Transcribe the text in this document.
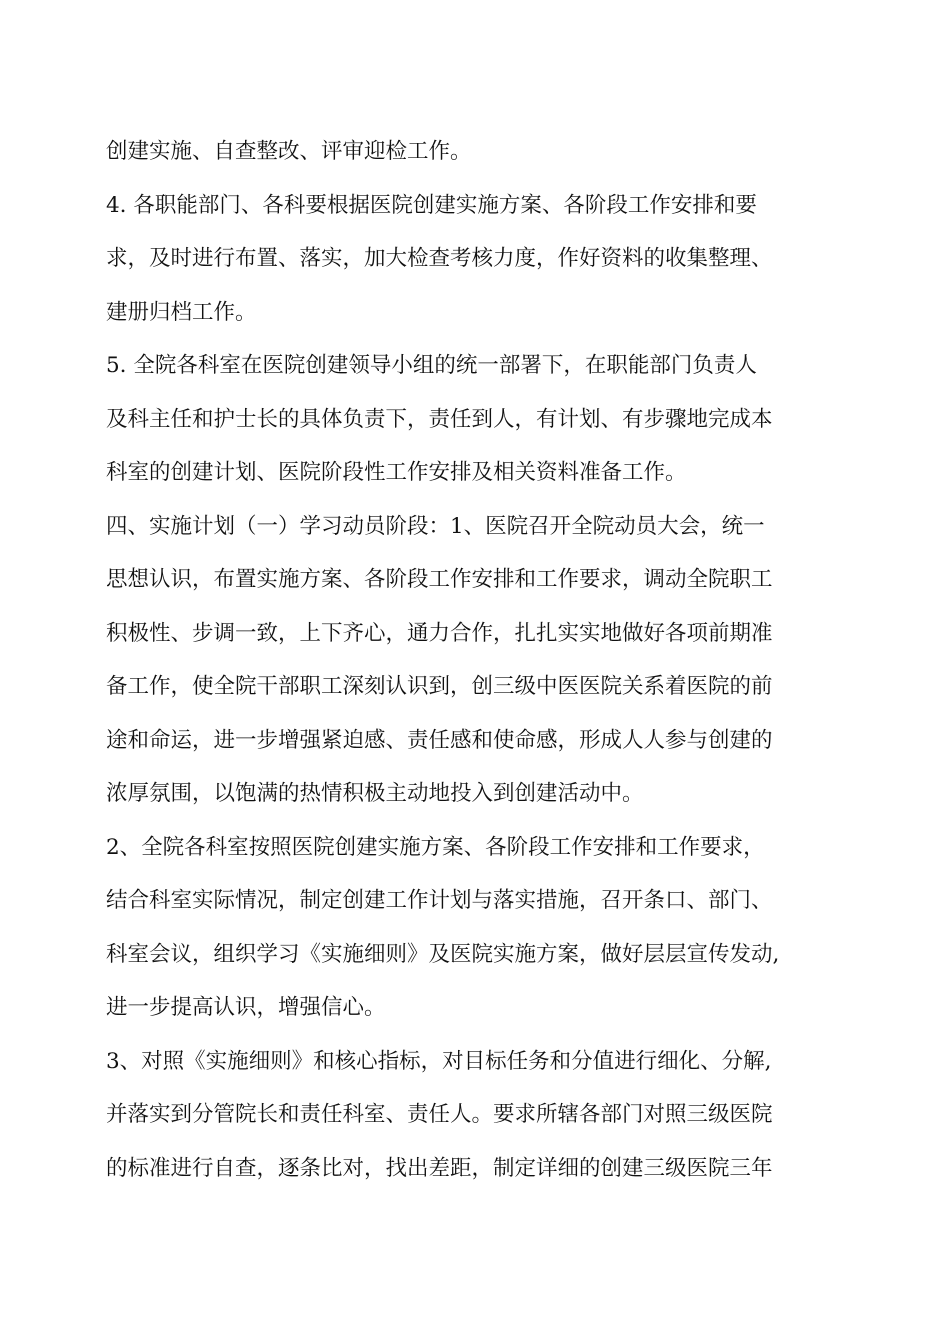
创建实施、自查整改、评审迎检工作。

4. 各职能部门、各科要根据医院创建实施方案、各阶段工作安排和要

求，及时进行布置、落实，加大检查考核力度，作好资料的收集整理、

建册归档工作。

5. 全院各科室在医院创建领导小组的统一部署下，在职能部门负责人

及科主任和护士长的具体负责下，责任到人，有计划、有步骤地完成本

科室的创建计划、医院阶段性工作安排及相关资料准备工作。

四、实施计划（一）学习动员阶段：1、医院召开全院动员大会，统一

思想认识，布置实施方案、各阶段工作安排和工作要求，调动全院职工

积极性、步调一致，上下齐心，通力合作，扎扎实实地做好各项前期准

备工作，使全院干部职工深刻认识到，创三级中医医院关系着医院的前

途和命运，进一步增强紧迫感、责任感和使命感，形成人人参与创建的

浓厚氛围，以饱满的热情积极主动地投入到创建活动中。

2、全院各科室按照医院创建实施方案、各阶段工作安排和工作要求，

结合科室实际情况，制定创建工作计划与落实措施，召开条口、部门、

科室会议，组织学习《实施细则》及医院实施方案，做好层层宣传发动,

进一步提高认识，增强信心。

3、对照《实施细则》和核心指标，对目标任务和分值进行细化、分解,

并落实到分管院长和责任科室、责任人。要求所辖各部门对照三级医院

的标准进行自查，逐条比对，找出差距，制定详细的创建三级医院三年
